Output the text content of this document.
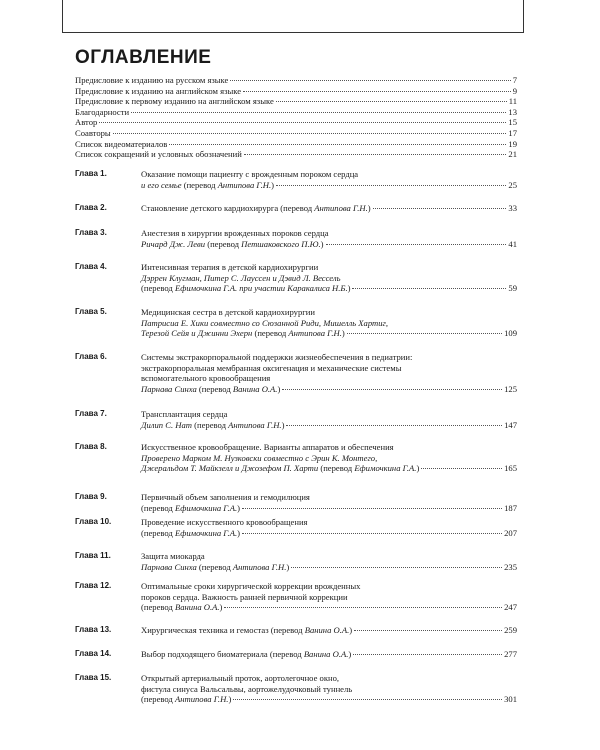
ОГЛАВЛЕНИЕ
Предисловие к изданию на русском языке	7
Предисловие к изданию на английском языке	9
Предисловие к первому изданию на английском языке	11
Благодарности	13
Автор	15
Соавторы	17
Список видеоматериалов	19
Список сокращений и условных обозначений	21
Глава 1.	Оказание помощи пациенту с врожденным пороком сердца
и его семье (перевод Антипова Г.Н.)	25
Глава 2.	Становление детского кардиохирурга (перевод Антипова Г.Н.)	33
Глава 3.	Анестезия в хирургии врожденных пороков сердца
Ричард Дж. Леви (перевод Петшаковского П.Ю.)	41
Глава 4.	Интенсивная терапия в детской кардиохирургии
Дэррен Клугман, Питер С. Лауссен и Дэвид Л. Вессель
(перевод Ефимочкина Г.А. при участии Каракалиса Н.Б.)	59
Глава 5.	Медицинская сестра в детской кардиохирургии
Патрисиа Е. Хики совместно со Сюзанной Риди, Мишелль Хартиг,
Терезой Сейя и Джинни Эхерн (перевод Антипова Г.Н.)	109
Глава 6.	Системы экстракорпоральной поддержки жизнеобеспечения в педиатрии:
экстракорпоральная мембранная оксигенация и механические системы
вспомогательного кровообращения
Парнава Синха (перевод Ванина О.А.)	125
Глава 7.	Трансплантация сердца
Дилип С. Нат (перевод Антипова Г.Н.)	147
Глава 8.	Искусственное кровообращение. Варианты аппаратов и обеспечения
Проверено Марком М. Нузковски совместно с Эрин К. Монтего,
Джеральдом Т. Майкзелл и Джозефом П. Харти (перевод Ефимочкина Г.А.)	165
Глава 9.	Первичный объем заполнения и гемодилюция
(перевод Ефимочкина Г.А.)	187
Глава 10.	Проведение искусственного кровообращения
(перевод Ефимочкина Г.А.)	207
Глава 11.	Защита миокарда
Парнава Синха (перевод Антипова Г.Н.)	235
Глава 12.	Оптимальные сроки хирургической коррекции врожденных
пороков сердца. Важность ранней первичной коррекции
(перевод Ванина О.А.)	247
Глава 13.	Хирургическая техника и гемостаз (перевод Ванина О.А.)	259
Глава 14.	Выбор подходящего биоматериала (перевод Ванина О.А.)	277
Глава 15.	Открытый артериальный проток, аортолегочное окно,
фистула синуса Вальсальвы, аортожелудочковый туннель
(перевод Антипова Г.Н.)	301
